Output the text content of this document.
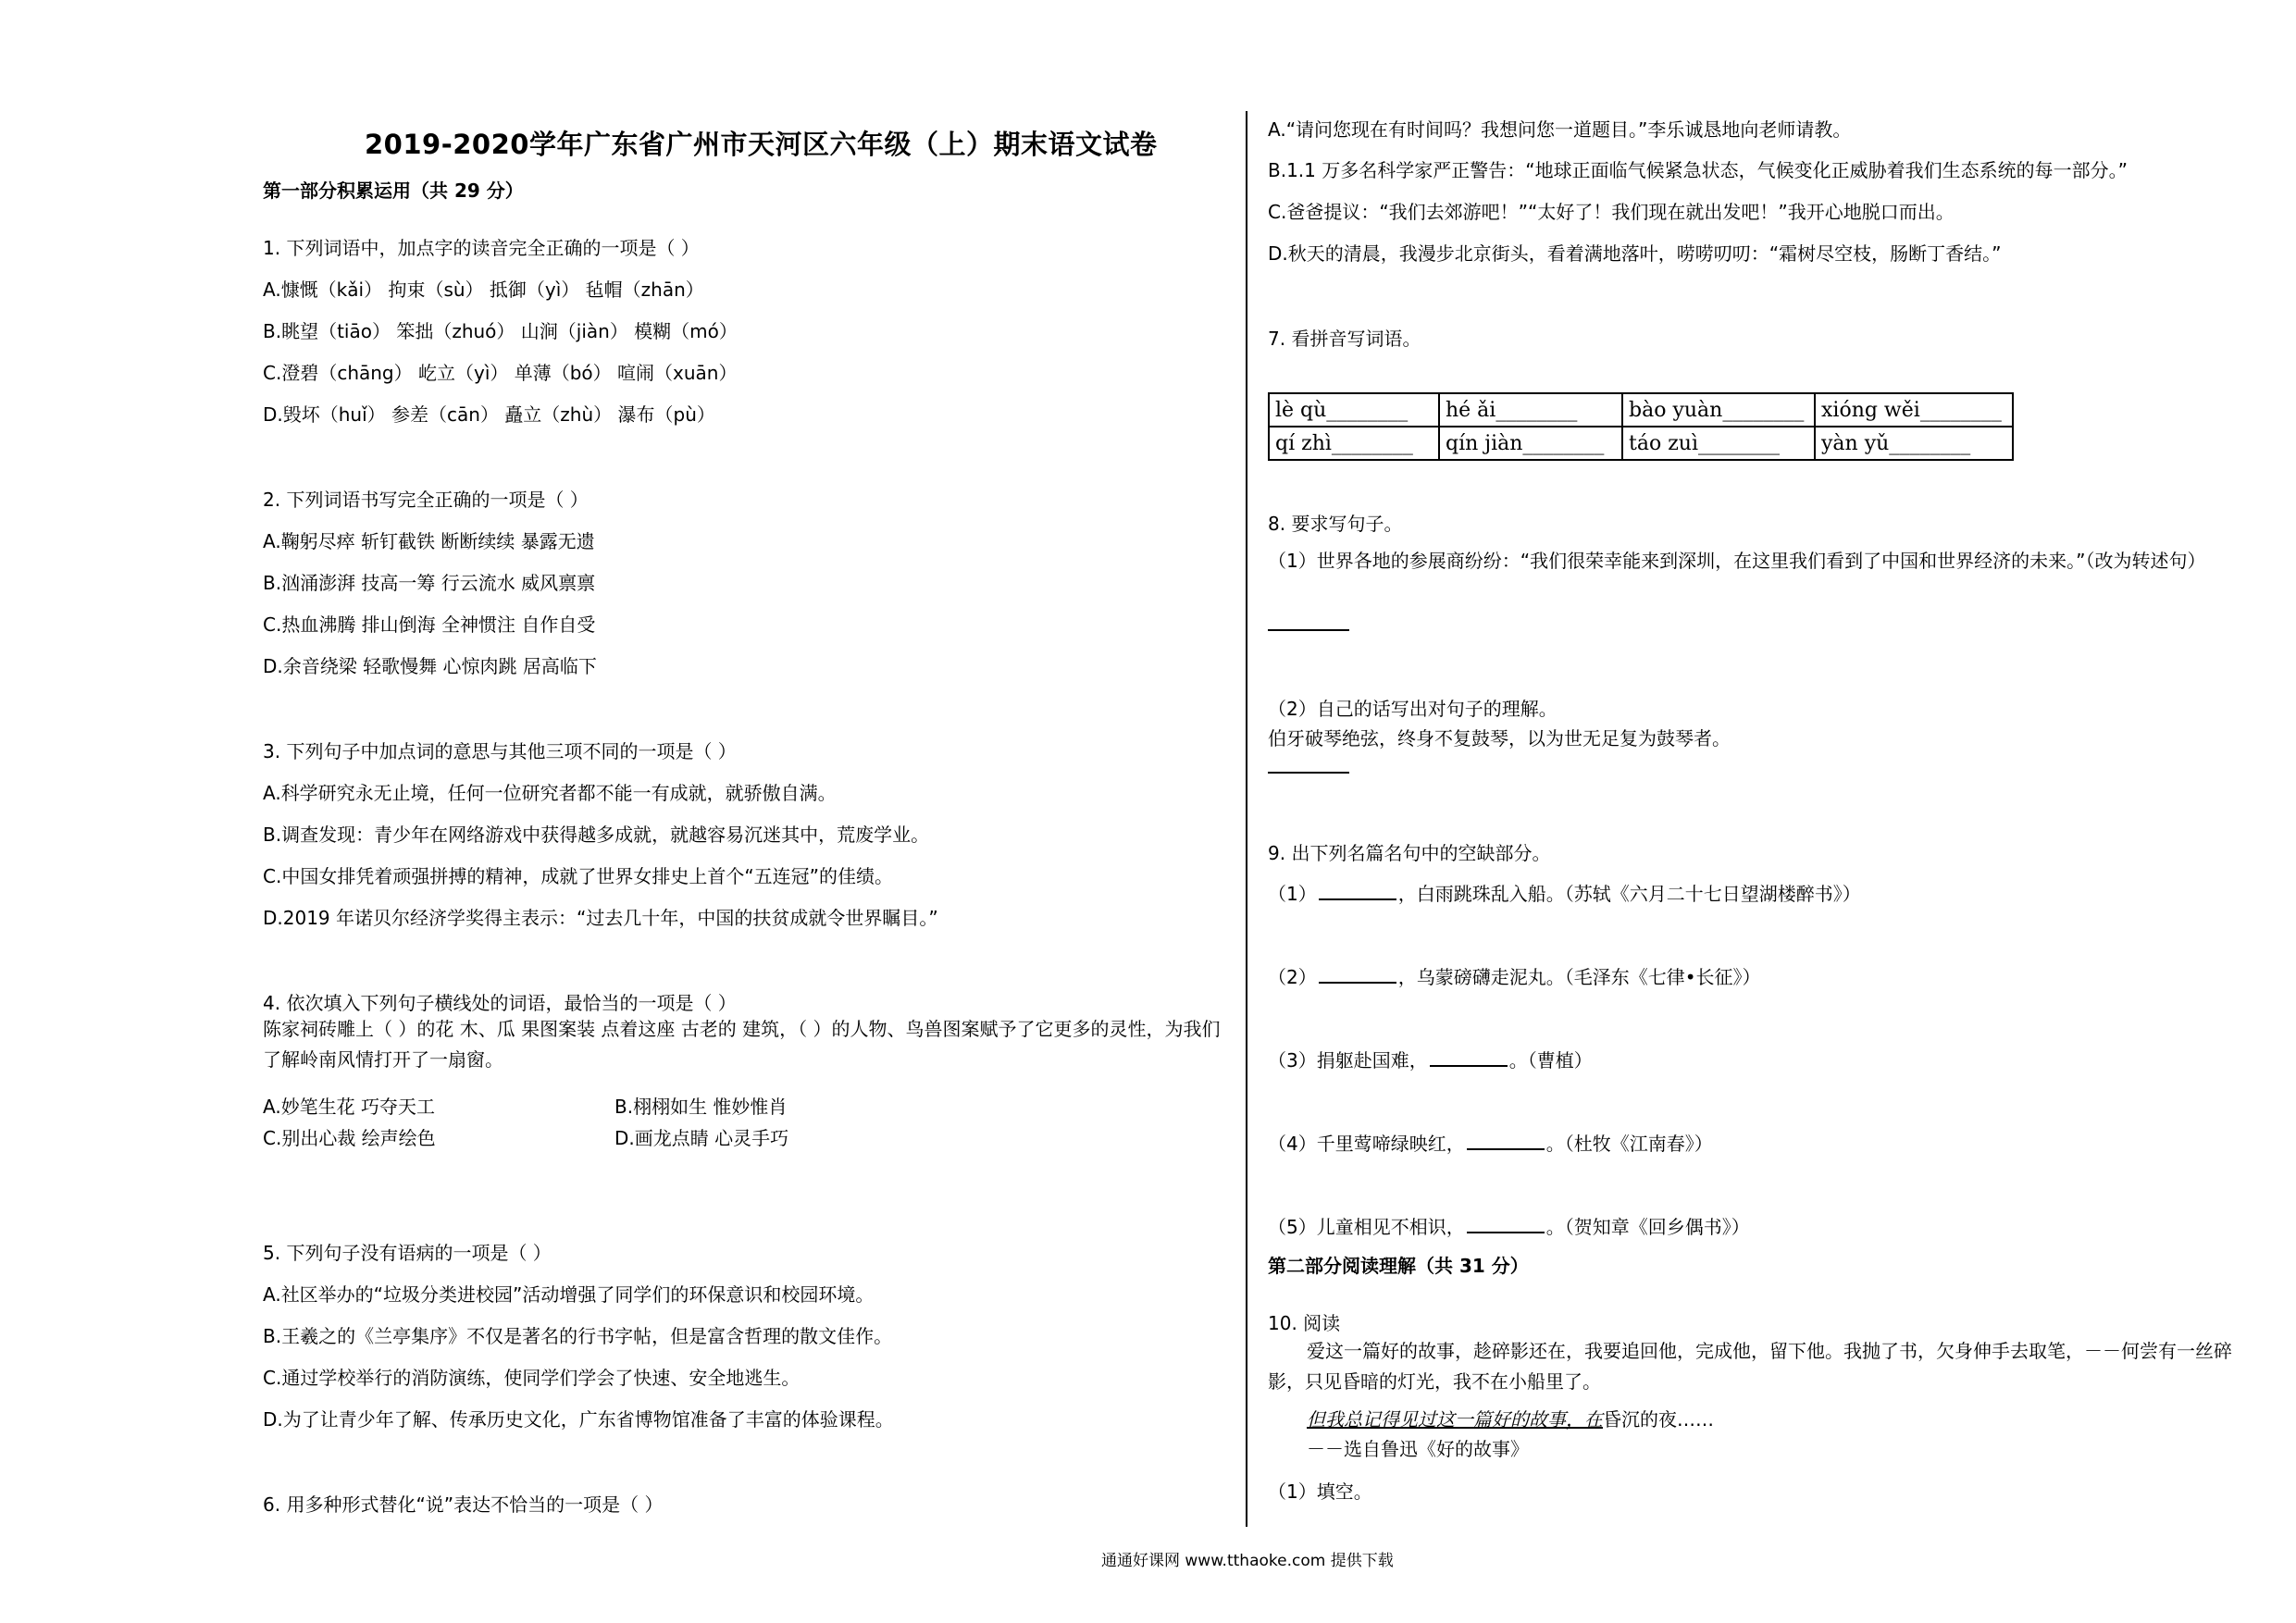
2019-2020学年广东省广州市天河区六年级（上）期末语文试卷
第一部分积累运用（共 29 分）
1. 下列词语中，加点字的读音完全正确的一项是（ ）
A.慷慨（kǎi） 拘束（sù） 抵御（yì） 毡帽（zhān）
B.眺望（tiāo） 笨拙（zhuó） 山涧（jiàn） 模糊（mó）
C.澄碧（chāng） 屹立（yì） 单薄（bó） 喧闹（xuān）
D.毁坏（huǐ） 参差（cān） 矗立（zhù） 瀑布（pù）
2. 下列词语书写完全正确的一项是（ ）
A.鞠躬尽瘁 斩钉截铁 断断续续 暴露无遗
B.汹涌澎湃 技高一筹 行云流水 威风禀禀
C.热血沸腾 排山倒海 全神惯注 自作自受
D.余音绕梁 轻歌慢舞 心惊肉跳 居高临下
3. 下列句子中加点词的意思与其他三项不同的一项是（ ）
A.科学研究永无止境，任何一位研究者都不能一有成就，就骄傲自满。
B.调查发现：青少年在网络游戏中获得越多成就，就越容易沉迷其中，荒废学业。
C.中国女排凭着顽强拼搏的精神，成就了世界女排史上首个“五连冠”的佳绩。
D.2019 年诺贝尔经济学奖得主表示：“过去几十年，中国的扶贫成就令世界瞩目。”
4. 依次填入下列句子横线处的词语，最恰当的一项是（ ）
陈家祠砖雕上（ ）的花 木、瓜 果图案装 点着这座 古老的 建筑，（ ）的人物、鸟兽图案赋予了它更多的灵性，为我们了解岭南风情打开了一扇窗。
A.妙笔生花 巧夺天工	B.栩栩如生 惟妙惟肖
C.别出心裁 绘声绘色	D.画龙点睛 心灵手巧
5. 下列句子没有语病的一项是（ ）
A.社区举办的“垃圾分类进校园”活动增强了同学们的环保意识和校园环境。
B.王羲之的《兰亭集序》不仅是著名的行书字帖，但是富含哲理的散文佳作。
C.通过学校举行的消防演练，使同学们学会了快速、安全地逃生。
D.为了让青少年了解、传承历史文化，广东省博物馆准备了丰富的体验课程。
6. 用多种形式替化“说”表达不恰当的一项是（ ）
A.“请问您现在有时间吗？我想问您一道题目。”李乐诚恳地向老师请教。
B.1.1 万多名科学家严正警告：“地球正面临气候紧急状态，气候变化正威胁着我们生态系统的每一部分。”
C.爸爸提议：“我们去郊游吧！”“太好了！我们现在就出发吧！”我开心地脱口而出。
D.秋天的清晨，我漫步北京街头，看着满地落叶，唠唠叨叨：“霜树尽空枝，肠断丁香结。”
7. 看拼音写词语。
lè qù________	hé ǎi________	bào yuàn________	xióng wěi________
qí zhì________	qín jiàn________	táo zuì________	yàn yǔ________
8. 要求写句子。
（1）世界各地的参展商纷纷：“我们很荣幸能来到深圳，在这里我们看到了中国和世界经济的未来。”（改为转述句）
（2）自己的话写出对句子的理解。
伯牙破琴绝弦，终身不复鼓琴，以为世无足复为鼓琴者。
9. 出下列名篇名句中的空缺部分。
（1）	，白雨跳珠乱入船。（苏轼《六月二十七日望湖楼醉书》）
（2）	，乌蒙磅礴走泥丸。（毛泽东《七律•长征》）
（3）捐躯赴国难，	。（曹植）
（4）千里莺啼绿映红，	。（杜牧《江南春》）
（5）儿童相见不相识，	。（贺知章《回乡偶书》）
第二部分阅读理解（共 31 分）
10. 阅读
爱这一篇好的故事，趁碎影还在，我要追回他，完成他，留下他。我抛了书，欠身伸手去取笔，－－何尝有一丝碎影，只见昏暗的灯光，我不在小船里了。
但我总记得见过这一篇好的故事，在昏沉的夜……
－－选自鲁迅《好的故事》
（1）填空。
通通好课网 www.tthaoke.com 提供下载
